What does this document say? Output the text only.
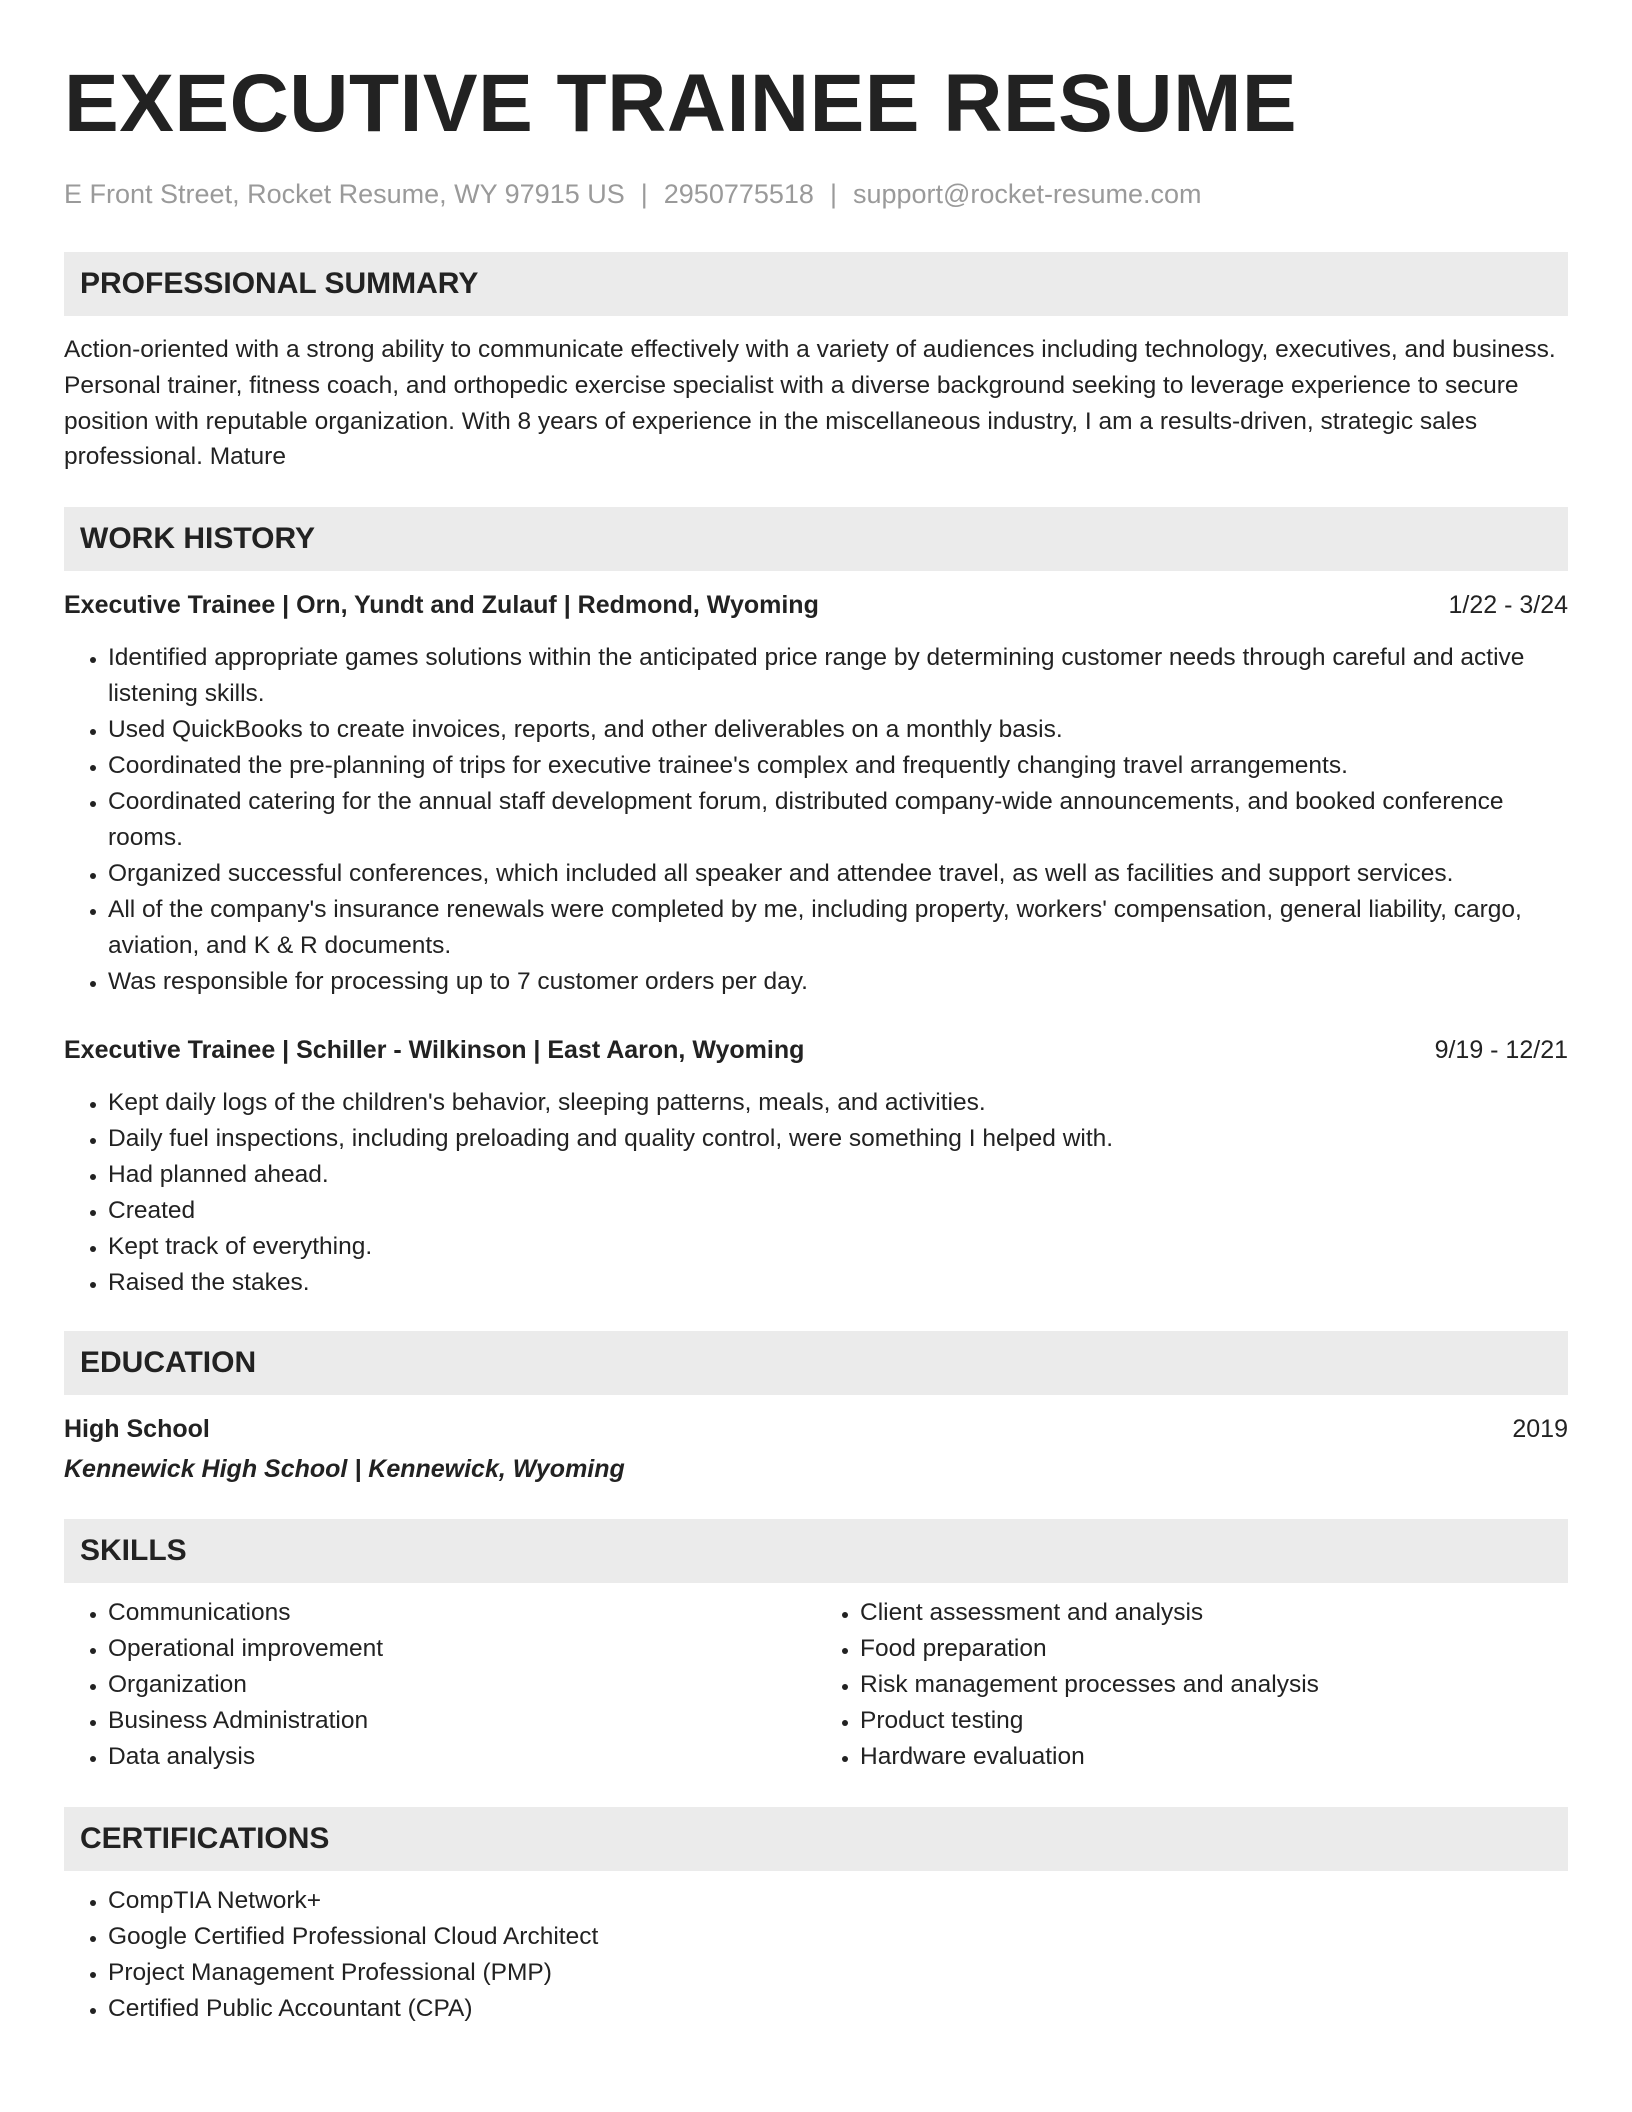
EXECUTIVE TRAINEE RESUME
E Front Street, Rocket Resume, WY 97915 US | 2950775518 | support@rocket-resume.com
PROFESSIONAL SUMMARY
Action-oriented with a strong ability to communicate effectively with a variety of audiences including technology, executives, and business. Personal trainer, fitness coach, and orthopedic exercise specialist with a diverse background seeking to leverage experience to secure position with reputable organization. With 8 years of experience in the miscellaneous industry, I am a results-driven, strategic sales professional. Mature
WORK HISTORY
Executive Trainee | Orn, Yundt and Zulauf | Redmond, Wyoming	1/22 - 3/24
• Identified appropriate games solutions within the anticipated price range by determining customer needs through careful and active listening skills.
• Used QuickBooks to create invoices, reports, and other deliverables on a monthly basis.
• Coordinated the pre-planning of trips for executive trainee's complex and frequently changing travel arrangements.
• Coordinated catering for the annual staff development forum, distributed company-wide announcements, and booked conference rooms.
• Organized successful conferences, which included all speaker and attendee travel, as well as facilities and support services.
• All of the company's insurance renewals were completed by me, including property, workers' compensation, general liability, cargo, aviation, and K & R documents.
• Was responsible for processing up to 7 customer orders per day.
Executive Trainee | Schiller - Wilkinson | East Aaron, Wyoming	9/19 - 12/21
• Kept daily logs of the children's behavior, sleeping patterns, meals, and activities.
• Daily fuel inspections, including preloading and quality control, were something I helped with.
• Had planned ahead.
• Created
• Kept track of everything.
• Raised the stakes.
EDUCATION
High School	2019
Kennewick High School | Kennewick, Wyoming
SKILLS
• Communications
• Operational improvement
• Organization
• Business Administration
• Data analysis
• Client assessment and analysis
• Food preparation
• Risk management processes and analysis
• Product testing
• Hardware evaluation
CERTIFICATIONS
• CompTIA Network+
• Google Certified Professional Cloud Architect
• Project Management Professional (PMP)
• Certified Public Accountant (CPA)
